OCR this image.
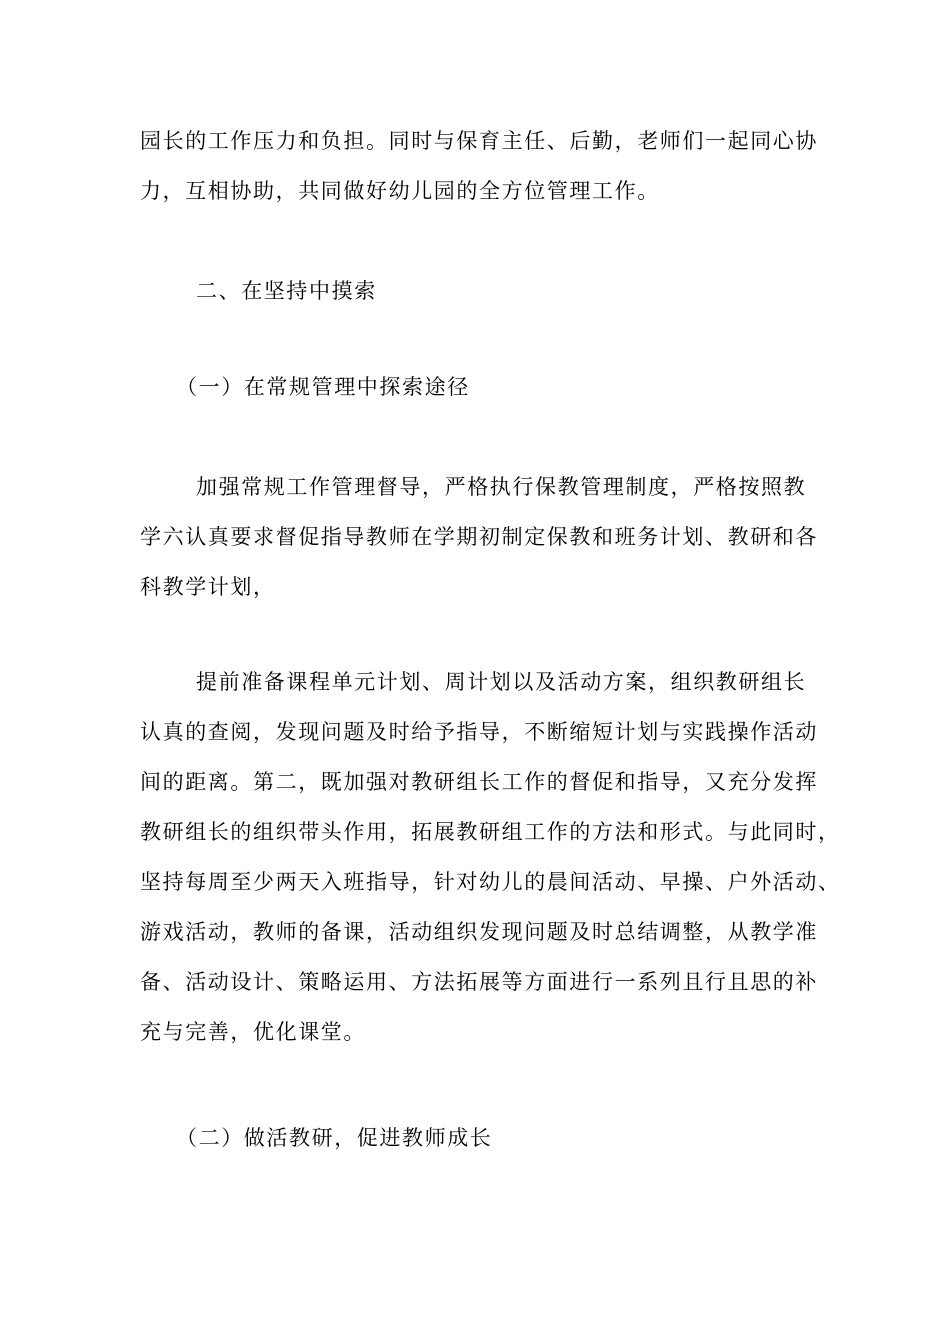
园长的工作压力和负担。同时与保育主任、后勤，老师们一起同心协
力，互相协助，共同做好幼儿园的全方位管理工作。
二、在坚持中摸索
（一）在常规管理中探索途径
加强常规工作管理督导，严格执行保教管理制度，严格按照教
学六认真要求督促指导教师在学期初制定保教和班务计划、教研和各
科教学计划，
提前准备课程单元计划、周计划以及活动方案，组织教研组长
认真的查阅，发现问题及时给予指导，不断缩短计划与实践操作活动
间的距离。第二，既加强对教研组长工作的督促和指导，又充分发挥
教研组长的组织带头作用，拓展教研组工作的方法和形式。与此同时，
坚持每周至少两天入班指导，针对幼儿的晨间活动、早操、户外活动、
游戏活动，教师的备课，活动组织发现问题及时总结调整，从教学准
备、活动设计、策略运用、方法拓展等方面进行一系列且行且思的补
充与完善，优化课堂。
（二）做活教研，促进教师成长
